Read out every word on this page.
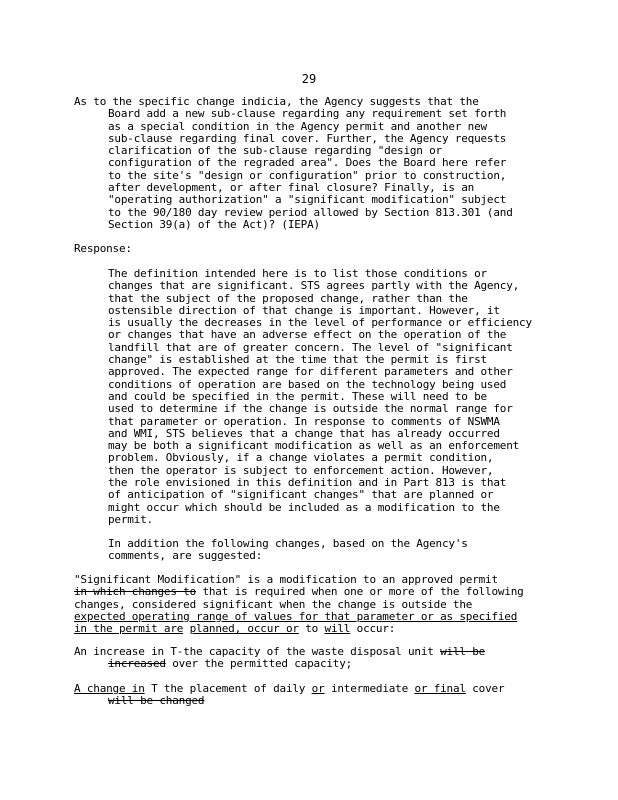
29
As to the specific change indicia, the Agency suggests that the
Board add a new sub-clause regarding any requirement set forth
as a special condition in the Agency permit and another new
sub-clause regarding final cover. Further, the Agency requests
clarification of the sub-clause regarding "design or
configuration of the regraded area". Does the Board here refer
to the site's "design or configuration" prior to construction,
after development, or after final closure? Finally, is an
"operating authorization" a "significant modification" subject
to the 90/180 day review period allowed by Section 813.301 (and
Section 39(a) of the Act)? (IEPA)
Response:
The definition intended here is to list those conditions or
changes that are significant. STS agrees partly with the Agency,
that the subject of the proposed change, rather than the
ostensible direction of that change is important. However, it
is usually the decreases in the level of performance or efficiency
or changes that have an adverse effect on the operation of the
landfill that are of greater concern. The level of "significant
change" is established at the time that the permit is first
approved. The expected range for different parameters and other
conditions of operation are based on the technology being used
and could be specified in the permit. These will need to be
used to determine if the change is outside the normal range for
that parameter or operation. In response to comments of NSWMA
and WMI, STS believes that a change that has already occurred
may be both a significant modification as well as an enforcement
problem. Obviously, if a change violates a permit condition,
then the operator is subject to enforcement action. However,
the role envisioned in this definition and in Part 813 is that
of anticipation of "significant changes" that are planned or
might occur which should be included as a modification to the
permit.
In addition the following changes, based on the Agency's
comments, are suggested:
"Significant Modification" is a modification to an approved permit
in which changes to that is required when one or more of the following
changes, considered significant when the change is outside the
expected operating range of values for that parameter or as specified
in the permit are planned, occur or to will occur:
An increase in T-the capacity of the waste disposal unit will be
increased over the permitted capacity;
A change in T the placement of daily or intermediate or final cover
will be changed
